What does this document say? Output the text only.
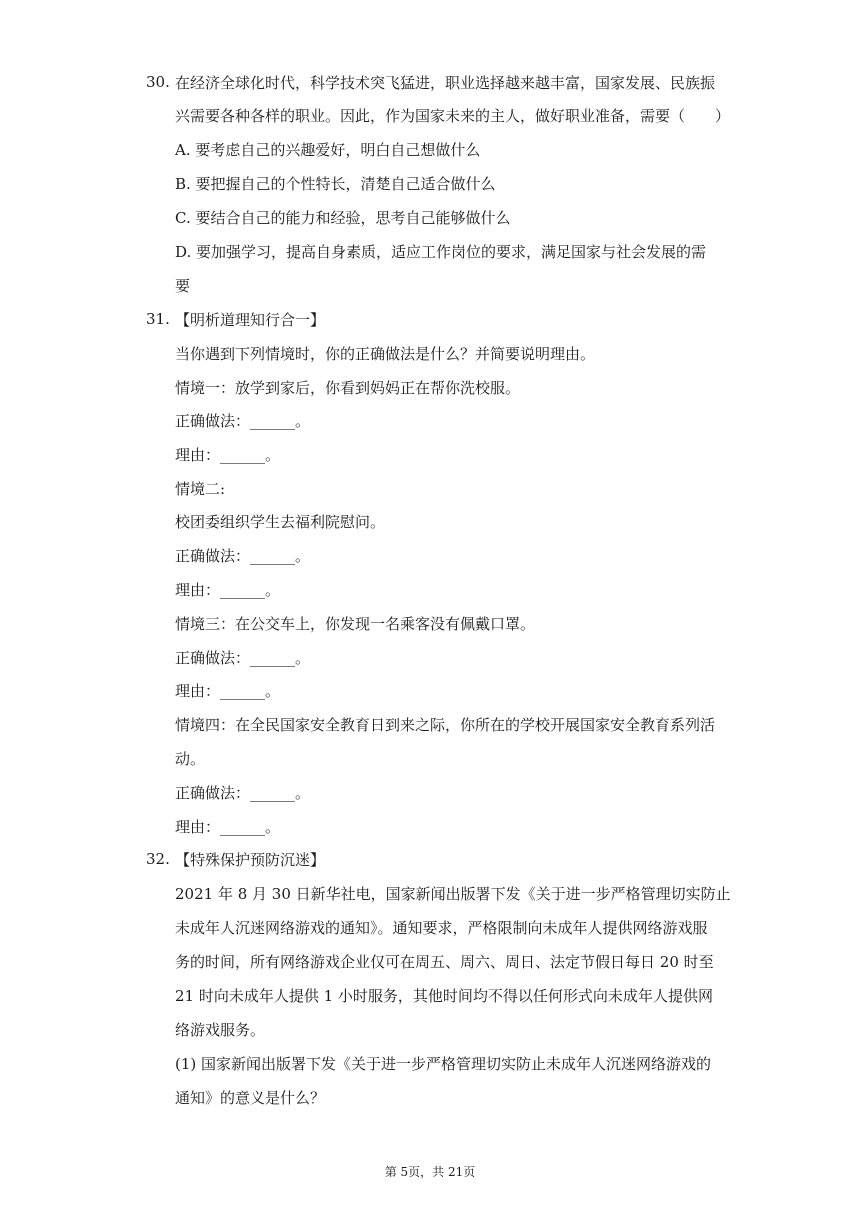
30. 在经济全球化时代，科学技术突飞猛进，职业选择越来越丰富，国家发展、民族振
兴需要各种各样的职业。因此，作为国家未来的主人，做好职业准备，需要（　　）
A. 要考虑自己的兴趣爱好，明白自己想做什么
B. 要把握自己的个性特长，清楚自己适合做什么
C. 要结合自己的能力和经验，思考自己能够做什么
D. 要加强学习，提高自身素质，适应工作岗位的要求，满足国家与社会发展的需
要
31. 【明析道理知行合一】
当你遇到下列情境时，你的正确做法是什么？并简要说明理由。
情境一：放学到家后，你看到妈妈正在帮你洗校服。
正确做法：______。
理由：______。
情境二:
校团委组织学生去福利院慰问。
正确做法：______。
理由：______。
情境三：在公交车上，你发现一名乘客没有佩戴口罩。
正确做法：______。
理由：______。
情境四：在全民国家安全教育日到来之际，你所在的学校开展国家安全教育系列活
动。
正确做法：______。
理由：______。
32. 【特殊保护预防沉迷】
2021 年 8 月 30 日新华社电，国家新闻出版署下发《关于进一步严格管理切实防止
未成年人沉迷网络游戏的通知》。通知要求，严格限制向未成年人提供网络游戏服
务的时间，所有网络游戏企业仅可在周五、周六、周日、法定节假日每日 20 时至
21 时向未成年人提供 1 小时服务，其他时间均不得以任何形式向未成年人提供网
络游戏服务。
(1) 国家新闻出版署下发《关于进一步严格管理切实防止未成年人沉迷网络游戏的
通知》的意义是什么？
第 5页，共 21页
